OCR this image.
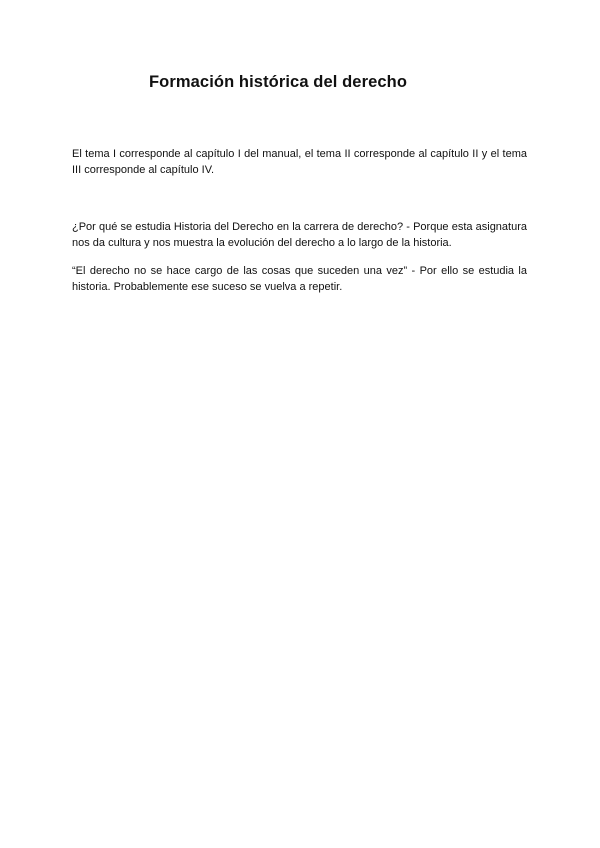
Formación histórica del derecho

El tema I corresponde al capítulo I del manual, el tema II corresponde al capítulo II y el tema III corresponde al capítulo IV.

¿Por qué se estudia Historia del Derecho en la carrera de derecho? - Porque esta asignatura nos da cultura y nos muestra la evolución del derecho a lo largo de la historia.

“El derecho no se hace cargo de las cosas que suceden una vez” - Por ello se estudia la historia. Probablemente ese suceso se vuelva a repetir.
